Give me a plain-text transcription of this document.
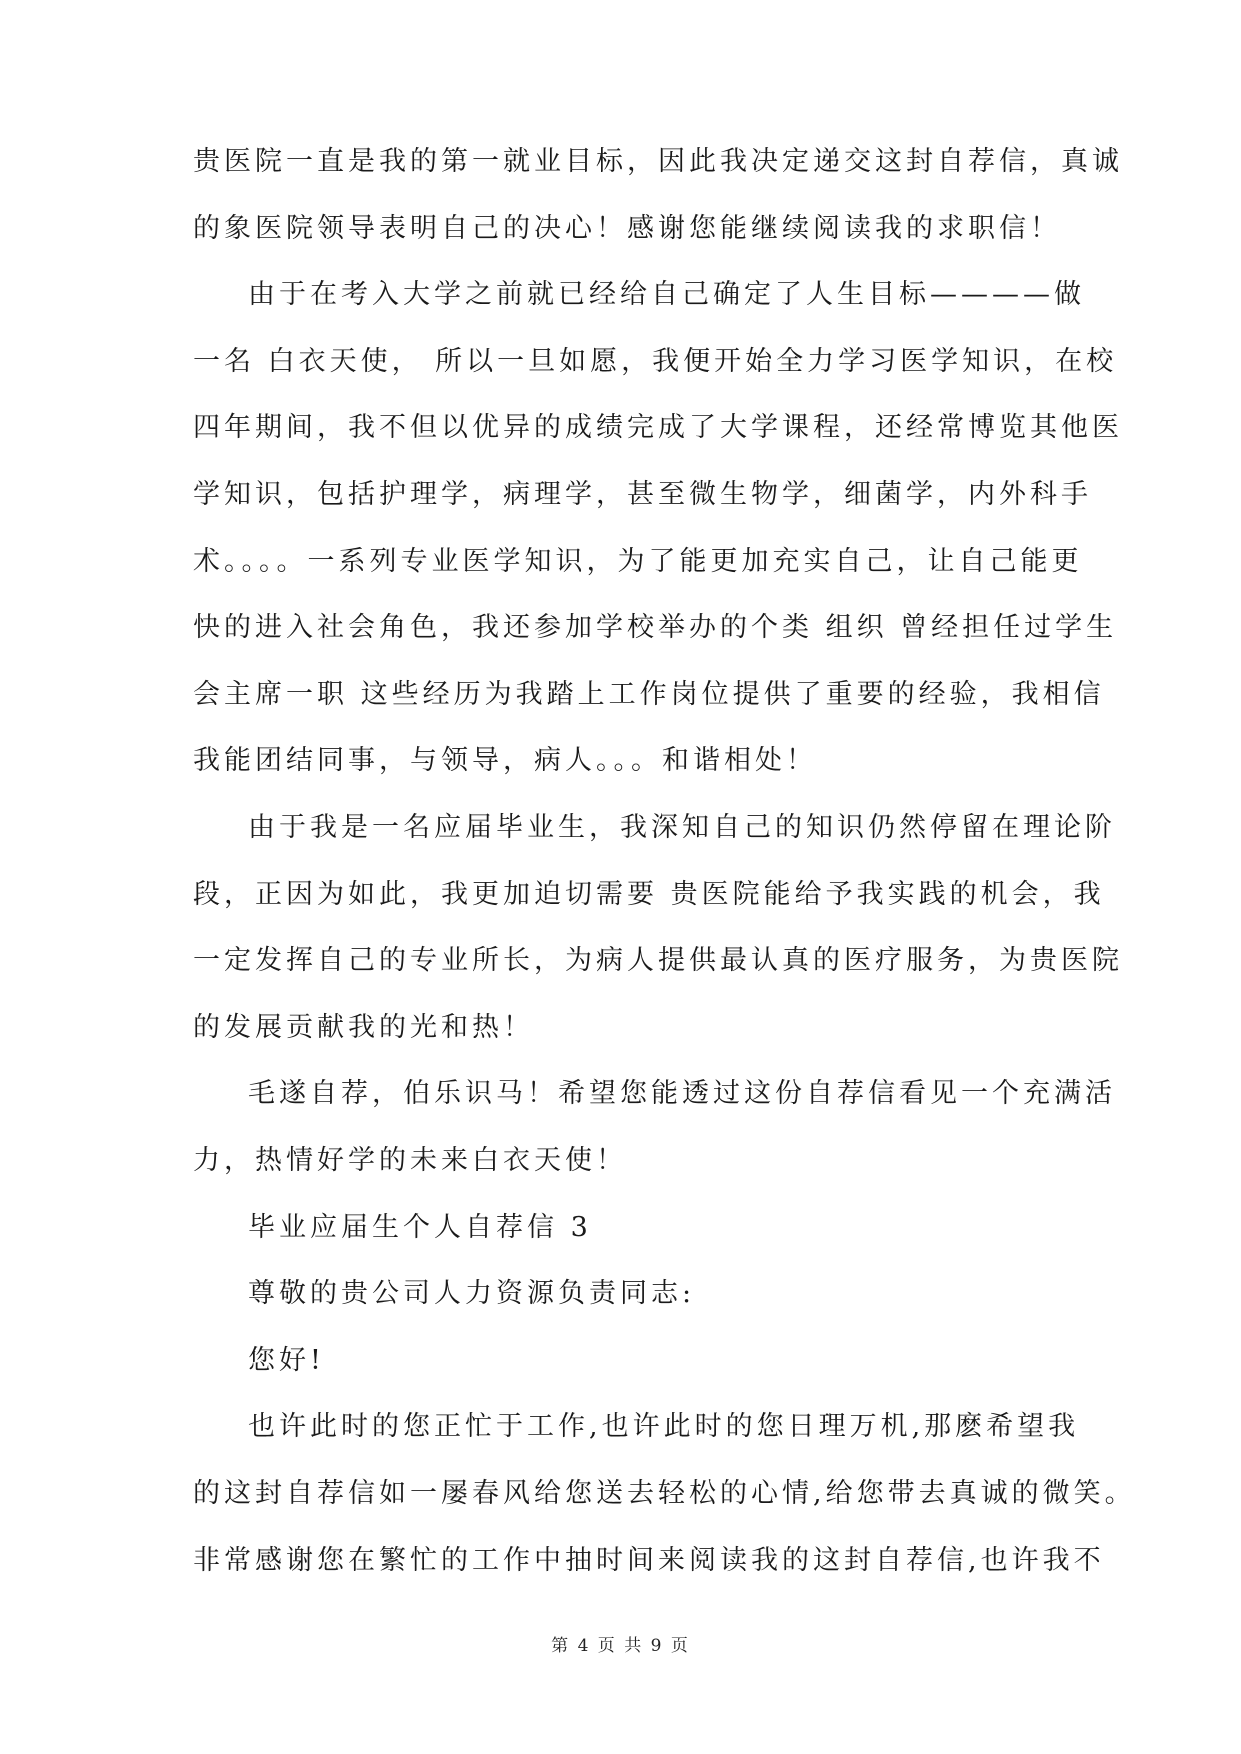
贵医院一直是我的第一就业目标，因此我决定递交这封自荐信，真诚
的象医院领导表明自己的决心！感谢您能继续阅读我的求职信！
由于在考入大学之前就已经给自己确定了人生目标————做
一名 白衣天使， 所以一旦如愿，我便开始全力学习医学知识，在校
四年期间，我不但以优异的成绩完成了大学课程，还经常博览其他医
学知识，包括护理学，病理学，甚至微生物学，细菌学，内外科手
术。。。。一系列专业医学知识，为了能更加充实自己，让自己能更
快的进入社会角色，我还参加学校举办的个类 组织 曾经担任过学生
会主席一职 这些经历为我踏上工作岗位提供了重要的经验，我相信
我能团结同事，与领导，病人。。。和谐相处！
由于我是一名应届毕业生，我深知自己的知识仍然停留在理论阶
段，正因为如此，我更加迫切需要 贵医院能给予我实践的机会，我
一定发挥自己的专业所长，为病人提供最认真的医疗服务，为贵医院
的发展贡献我的光和热！
毛遂自荐，伯乐识马！希望您能透过这份自荐信看见一个充满活
力，热情好学的未来白衣天使！
毕业应届生个人自荐信 3
尊敬的贵公司人力资源负责同志:
您好!
也许此时的您正忙于工作,也许此时的您日理万机,那麽希望我
的这封自荐信如一屡春风给您送去轻松的心情,给您带去真诚的微笑。
第 4 页 共 9 页
非常感谢您在繁忙的工作中抽时间来阅读我的这封自荐信,也许我不
